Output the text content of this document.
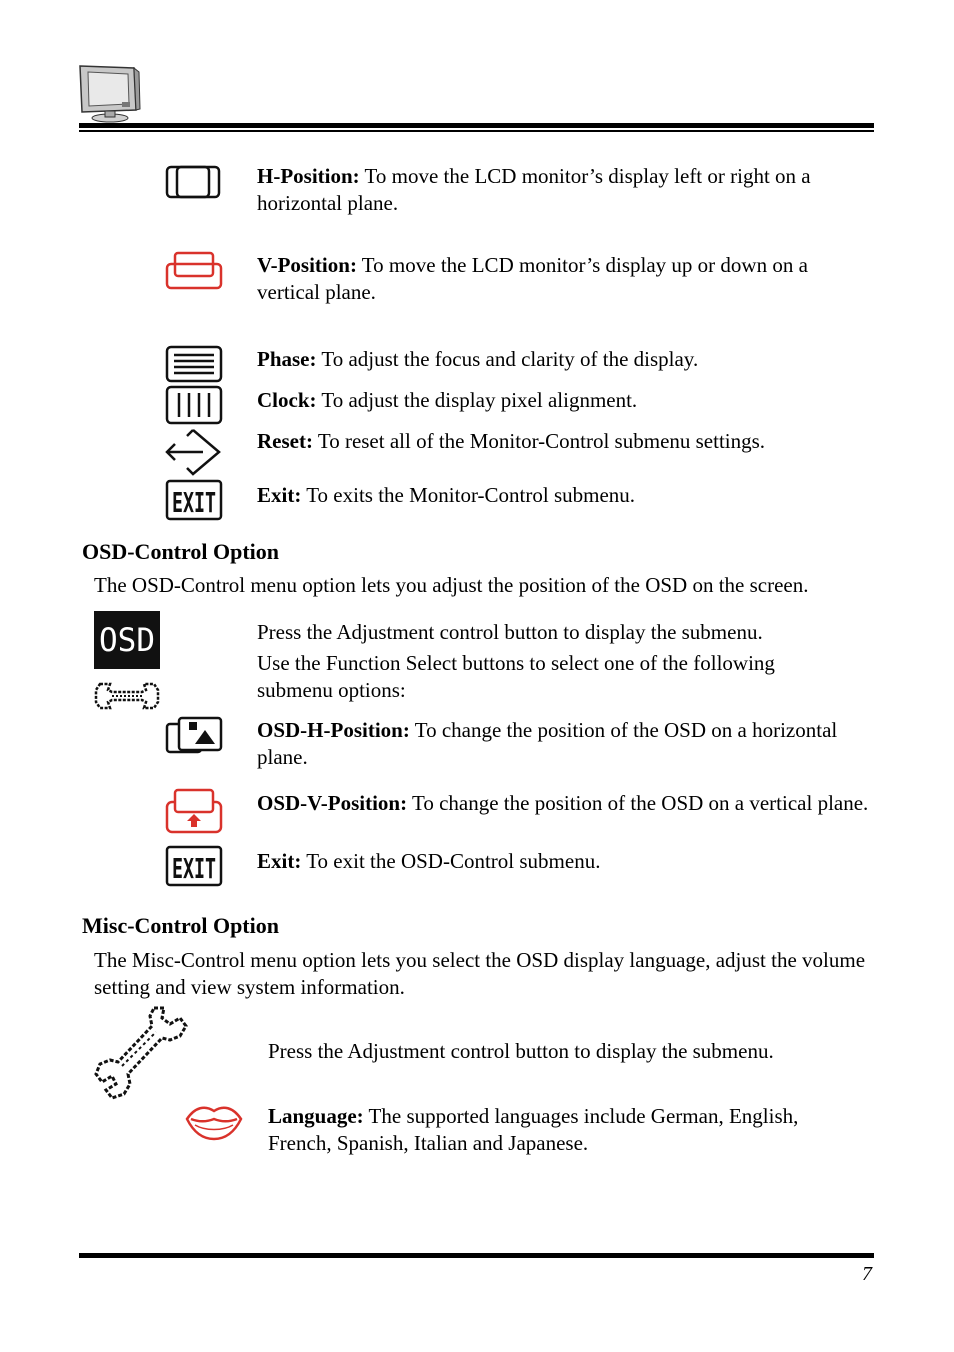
H-Position: To move the LCD monitor’s display left or right on a horizontal plane.
V-Position: To move the LCD monitor’s display up or down on a vertical plane.
Phase: To adjust the focus and clarity of the display.
Clock: To adjust the display pixel alignment.
Reset: To reset all of the Monitor-Control submenu settings.
EXIT Exit: To exits the Monitor-Control submenu.
OSD-Control Option
The OSD-Control menu option lets you adjust the position of the OSD on the screen.
OSD	Press the Adjustment control button to display the submenu.
Use the Function Select buttons to select one of the following submenu options:
OSD-H-Position: To change the position of the OSD on a horizontal plane.
OSD-V-Position: To change the position of the OSD on a vertical plane.
EXIT Exit: To exit the OSD-Control submenu.
Misc-Control Option
The Misc-Control menu option lets you select the OSD display language, adjust the volume setting and view system information.
Press the Adjustment control button to display the submenu.
Language: The supported languages include German, English, French, Spanish, Italian and Japanese.
7
